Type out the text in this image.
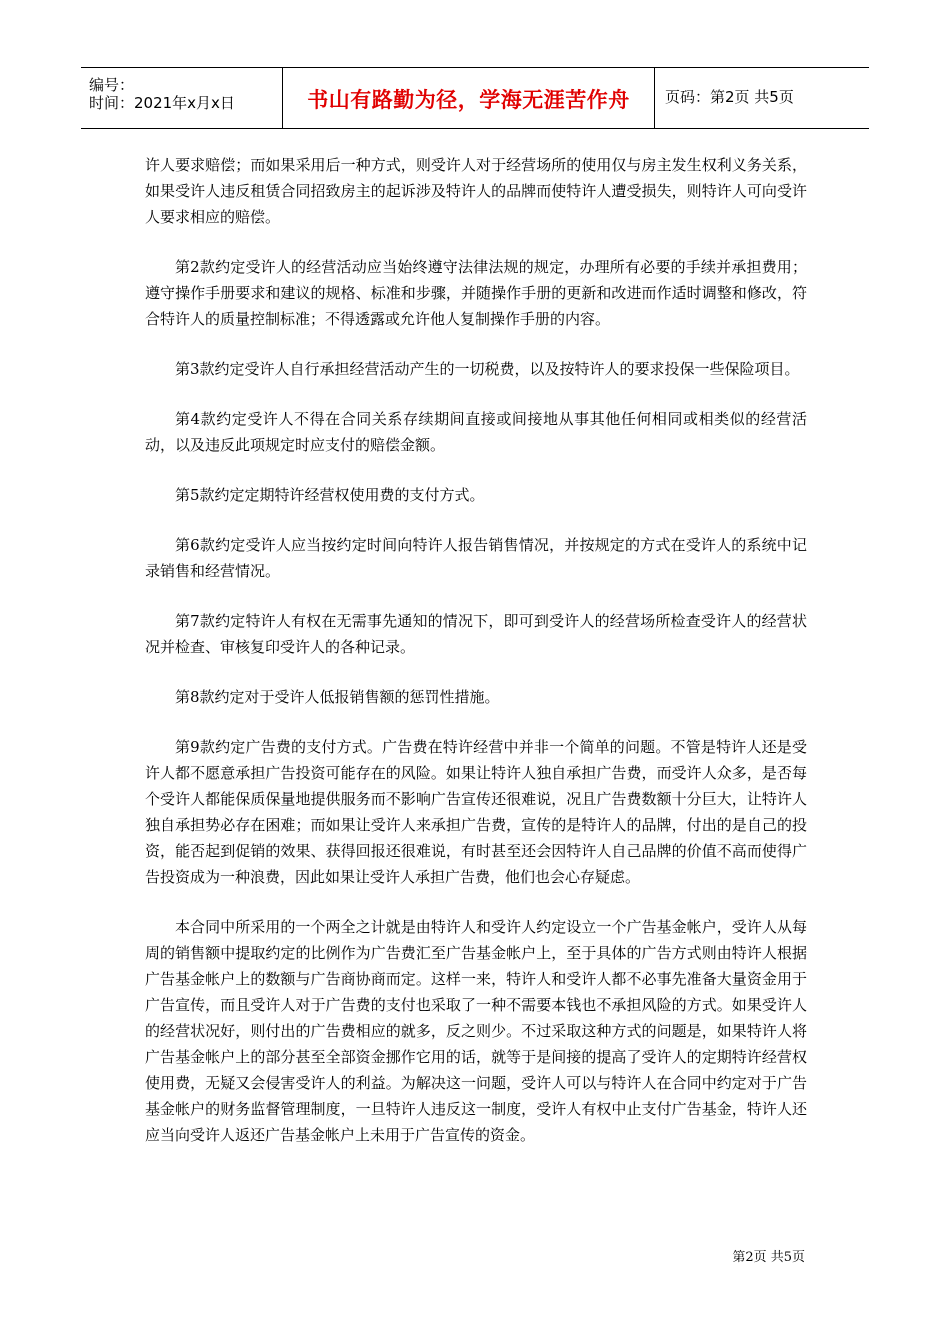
编号：
时间：2021年x月x日	书山有路勤为径，学海无涯苦作舟	页码：第2页 共5页

许人要求赔偿；而如果采用后一种方式，则受许人对于经营场所的使用仅与房主发生权利义务关系，如果受许人违反租赁合同招致房主的起诉涉及特许人的品牌而使特许人遭受损失，则特许人可向受许人要求相应的赔偿。

第2款约定受许人的经营活动应当始终遵守法律法规的规定，办理所有必要的手续并承担费用；遵守操作手册要求和建议的规格、标准和步骤，并随操作手册的更新和改进而作适时调整和修改，符合特许人的质量控制标准；不得透露或允许他人复制操作手册的内容。

第3款约定受许人自行承担经营活动产生的一切税费，以及按特许人的要求投保一些保险项目。

第4款约定受许人不得在合同关系存续期间直接或间接地从事其他任何相同或相类似的经营活动，以及违反此项规定时应支付的赔偿金额。

第5款约定定期特许经营权使用费的支付方式。

第6款约定受许人应当按约定时间向特许人报告销售情况，并按规定的方式在受许人的系统中记录销售和经营情况。

第7款约定特许人有权在无需事先通知的情况下，即可到受许人的经营场所检查受许人的经营状况并检查、审核复印受许人的各种记录。

第8款约定对于受许人低报销售额的惩罚性措施。

第9款约定广告费的支付方式。广告费在特许经营中并非一个简单的问题。不管是特许人还是受许人都不愿意承担广告投资可能存在的风险。如果让特许人独自承担广告费，而受许人众多，是否每个受许人都能保质保量地提供服务而不影响广告宣传还很难说，况且广告费数额十分巨大，让特许人独自承担势必存在困难；而如果让受许人来承担广告费，宣传的是特许人的品牌，付出的是自己的投资，能否起到促销的效果、获得回报还很难说，有时甚至还会因特许人自己品牌的价值不高而使得广告投资成为一种浪费，因此如果让受许人承担广告费，他们也会心存疑虑。

本合同中所采用的一个两全之计就是由特许人和受许人约定设立一个广告基金帐户，受许人从每周的销售额中提取约定的比例作为广告费汇至广告基金帐户上，至于具体的广告方式则由特许人根据广告基金帐户上的数额与广告商协商而定。这样一来，特许人和受许人都不必事先准备大量资金用于广告宣传，而且受许人对于广告费的支付也采取了一种不需要本钱也不承担风险的方式。如果受许人的经营状况好，则付出的广告费相应的就多，反之则少。不过采取这种方式的问题是，如果特许人将广告基金帐户上的部分甚至全部资金挪作它用的话，就等于是间接的提高了受许人的定期特许经营权使用费，无疑又会侵害受许人的利益。为解决这一问题，受许人可以与特许人在合同中约定对于广告基金帐户的财务监督管理制度，一旦特许人违反这一制度，受许人有权中止支付广告基金，特许人还应当向受许人返还广告基金帐户上未用于广告宣传的资金。

第2页 共5页
